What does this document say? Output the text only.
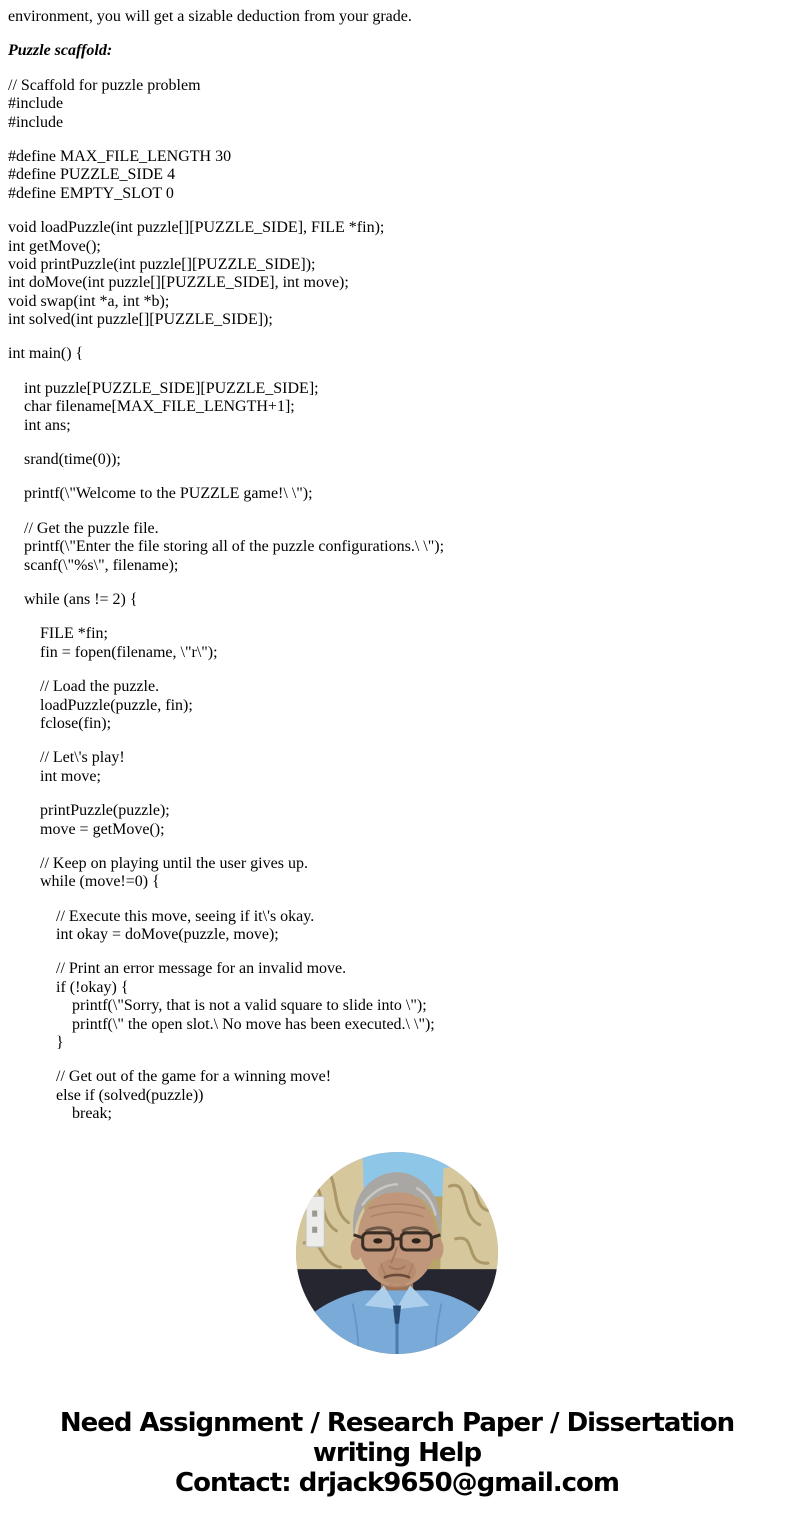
environment, you will get a sizable deduction from your grade.

Puzzle scaffold:

// Scaffold for puzzle problem
#include
#include

#define MAX_FILE_LENGTH 30
#define PUZZLE_SIDE 4
#define EMPTY_SLOT 0

void loadPuzzle(int puzzle[][PUZZLE_SIDE], FILE *fin);
int getMove();
void printPuzzle(int puzzle[][PUZZLE_SIDE]);
int doMove(int puzzle[][PUZZLE_SIDE], int move);
void swap(int *a, int *b);
int solved(int puzzle[][PUZZLE_SIDE]);

int main() {

int puzzle[PUZZLE_SIDE][PUZZLE_SIDE];
char filename[MAX_FILE_LENGTH+1];
int ans;

srand(time(0));

printf(\"Welcome to the PUZZLE game!\ \");

// Get the puzzle file.
printf(\"Enter the file storing all of the puzzle configurations.\ \");
scanf(\"%s\", filename);

while (ans != 2) {

FILE *fin;
fin = fopen(filename, \"r\");

// Load the puzzle.
loadPuzzle(puzzle, fin);
fclose(fin);

// Let\'s play!
int move;

printPuzzle(puzzle);
move = getMove();

// Keep on playing until the user gives up.
while (move!=0) {

// Execute this move, seeing if it\'s okay.
int okay = doMove(puzzle, move);

// Print an error message for an invalid move.
if (!okay) {
printf(\"Sorry, that is not a valid square to slide into \");
printf(\" the open slot.\ No move has been executed.\ \");
}

// Get out of the game for a winning move!
else if (solved(puzzle))
break;

Need Assignment / Research Paper / Dissertation
writing Help
Contact: drjack9650@gmail.com
